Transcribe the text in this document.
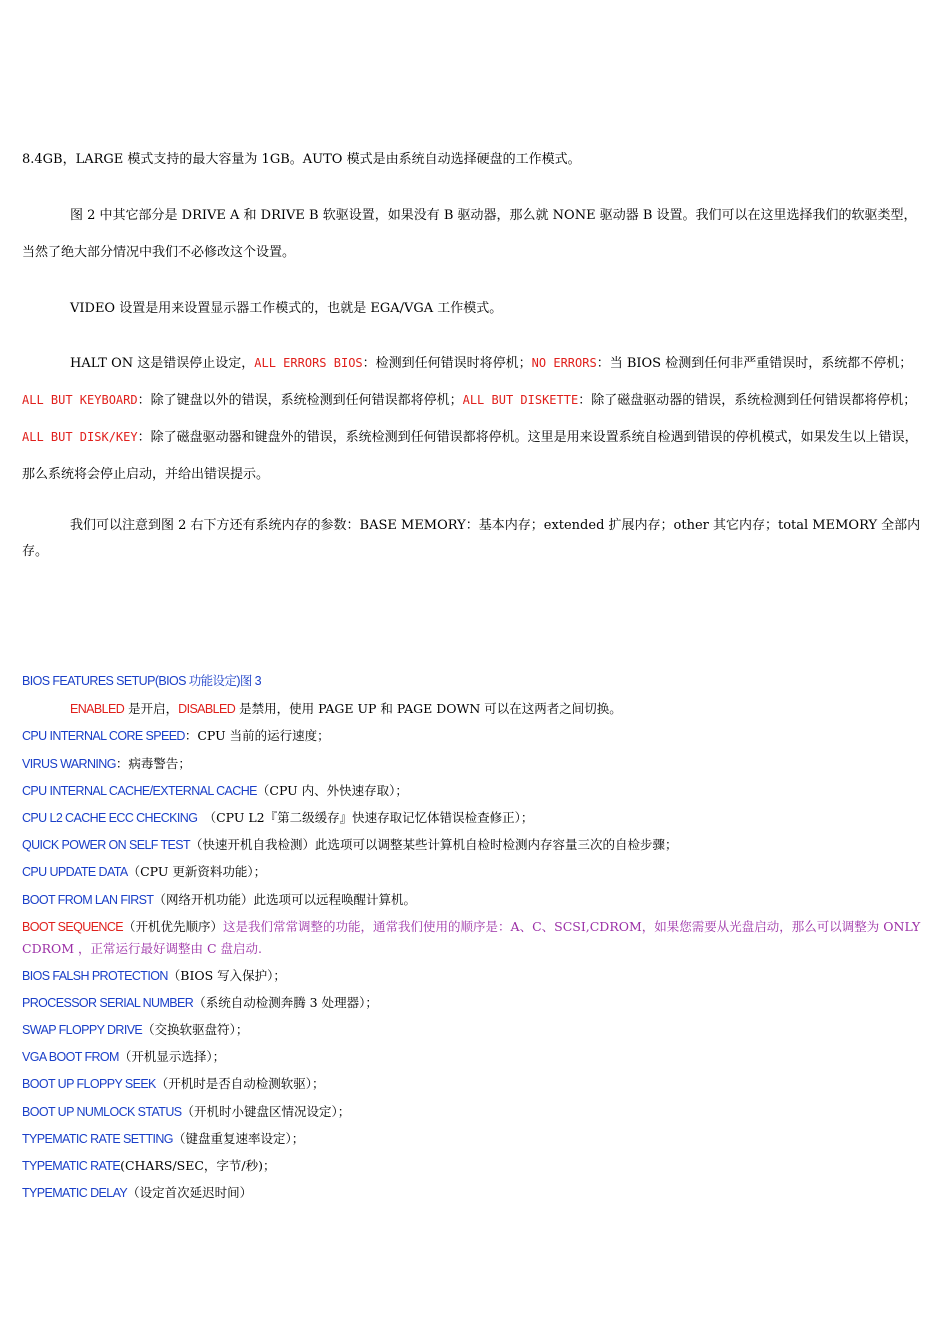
8.4GB，LARGE 模式支持的最大容量为 1GB。AUTO 模式是由系统自动选择硬盘的工作模式。

图 2 中其它部分是 DRIVE A 和 DRIVE B 软驱设置，如果没有 B 驱动器，那么就 NONE 驱动器 B 设置。我们可以在这里选择我们的软驱类型，当然了绝大部分情况中我们不必修改这个设置。

VIDEO 设置是用来设置显示器工作模式的，也就是 EGA/VGA 工作模式。

HALT ON 这是错误停止设定，ALL ERRORS BIOS：检测到任何错误时将停机；NO ERRORS：当 BIOS 检测到任何非严重错误时，系统都不停机；ALL BUT KEYBOARD：除了键盘以外的错误，系统检测到任何错误都将停机；ALL BUT DISKETTE：除了磁盘驱动器的错误，系统检测到任何错误都将停机；ALL BUT DISK/KEY：除了磁盘驱动器和键盘外的错误，系统检测到任何错误都将停机。这里是用来设置系统自检遇到错误的停机模式，如果发生以上错误，那么系统将会停止启动，并给出错误提示。

我们可以注意到图 2 右下方还有系统内存的参数：BASE MEMORY：基本内存；extended 扩展内存；other 其它内存；total MEMORY 全部内存。

BIOS FEATURES SETUP(BIOS 功能设定)图 3
ENABLED 是开启，DISABLED 是禁用，使用 PAGE UP 和 PAGE DOWN 可以在这两者之间切换。
CPU INTERNAL CORE SPEED：CPU 当前的运行速度；
VIRUS WARNING：病毒警告；
CPU INTERNAL CACHE/EXTERNAL CACHE（CPU 内、外快速存取）；
CPU L2 CACHE ECC CHECKING　（CPU L2『第二级缓存』快速存取记忆体错误检查修正）；
QUICK POWER ON SELF TEST（快速开机自我检测）此选项可以调整某些计算机自检时检测内存容量三次的自检步骤；
CPU UPDATE DATA（CPU 更新资料功能）；
BOOT FROM LAN FIRST（网络开机功能）此选项可以远程唤醒计算机。
BOOT SEQUENCE（开机优先顺序）这是我们常常调整的功能，通常我们使用的顺序是：A、C、SCSI,CDROM，如果您需要从光盘启动，那么可以调整为 ONLY CDROM ，正常运行最好调整由 C 盘启动.
BIOS FALSH PROTECTION（BIOS 写入保护）；
PROCESSOR SERIAL NUMBER（系统自动检测奔腾 3 处理器）；
SWAP FLOPPY DRIVE（交换软驱盘符）；
VGA BOOT FROM（开机显示选择）；
BOOT UP FLOPPY SEEK（开机时是否自动检测软驱）；
BOOT UP NUMLOCK STATUS（开机时小键盘区情况设定）；
TYPEMATIC RATE SETTING（键盘重复速率设定）；
TYPEMATIC RATE(CHARS/SEC，字节/秒)；
TYPEMATIC DELAY（设定首次延迟时间）
